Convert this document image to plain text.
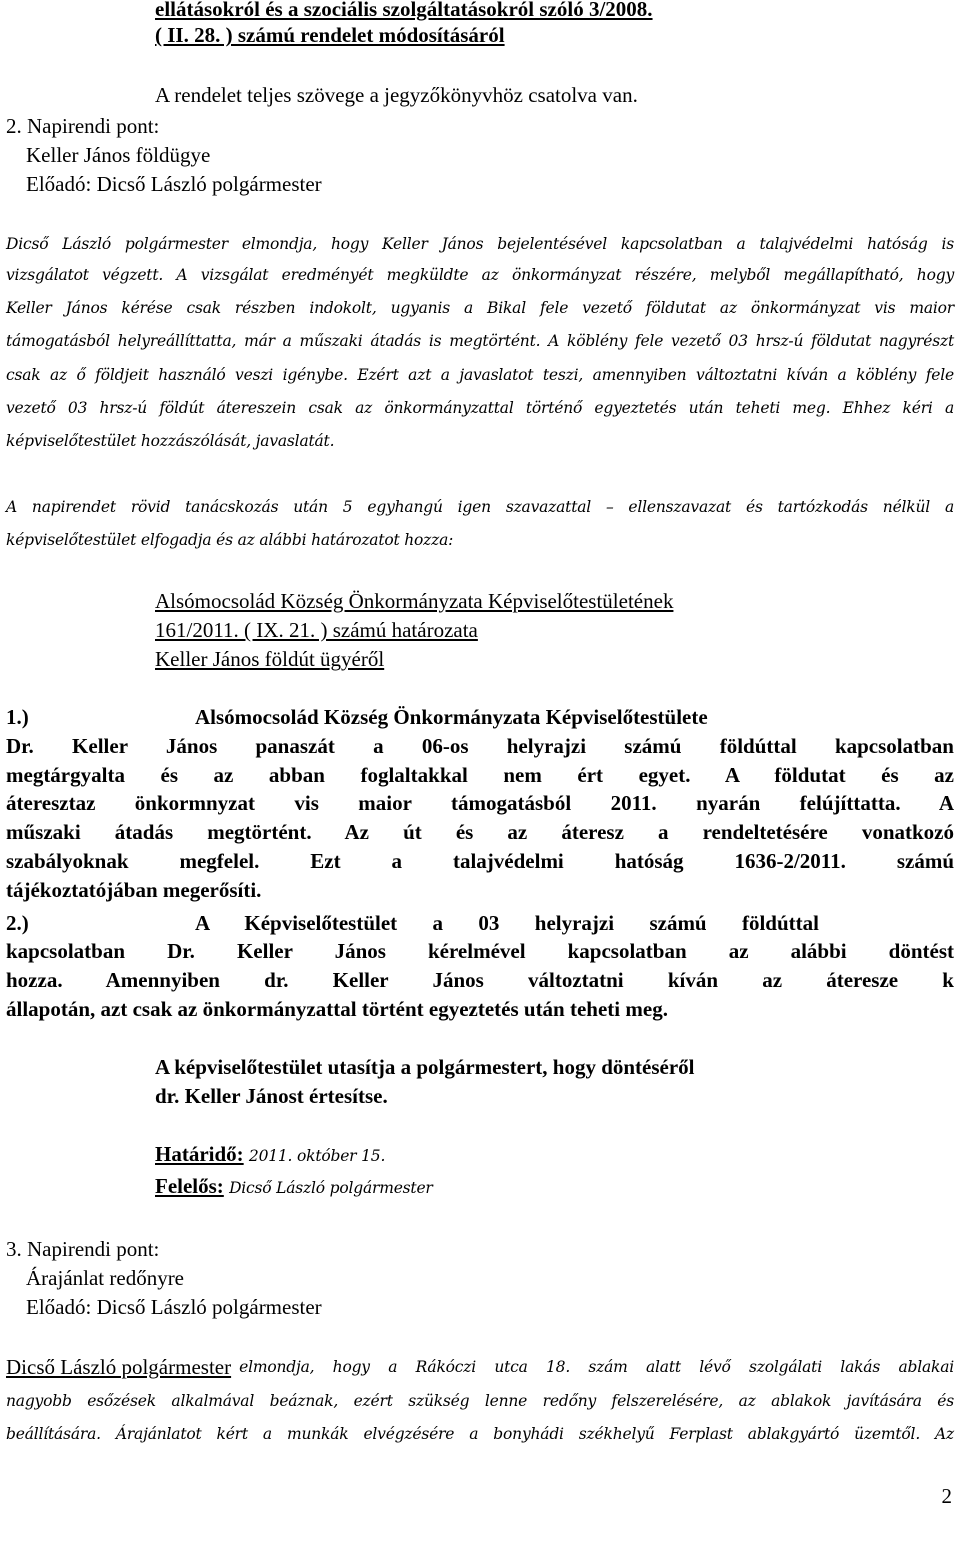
ellátásokról és a szociális szolgáltatásokról szóló 3/2008.
( II. 28. ) számú rendelet módosításáról
A rendelet teljes szövege a jegyzőkönyvhöz csatolva van.
2. Napirendi pont:
Keller János földügye
Előadó: Dicső László polgármester
Dicső László polgármester elmondja, hogy Keller János bejelentésével kapcsolatban a talajvédelmi hatóság is
vizsgálatot végzett. A vizsgálat eredményét megküldte az önkormányzat részére, melyből megállapítható, hogy
Keller János kérése csak részben indokolt, ugyanis a Bikal fele vezető földutat az önkormányzat vis maior
támogatásból helyreállíttatta, már a műszaki átadás is megtörtént. A köblény fele vezető 03 hrsz-ú földutat nagyrészt
csak az ő földjeit használó veszi igénybe. Ezért azt a javaslatot teszi, amennyiben változtatni kíván a köblény fele
vezető 03 hrsz-ú földút átereszein csak az önkormányzattal történő egyeztetés után teheti meg. Ehhez kéri a
képviselőtestület hozzászólását, javaslatát.
A napirendet rövid tanácskozás után 5 egyhangú igen szavazattal – ellenszavazat és tartózkodás nélkül a
képviselőtestület elfogadja és az alábbi határozatot hozza:
Alsómocsolád Község Önkormányzata Képviselőtestületének
161/2011. ( IX. 21. ) számú határozata
Keller János földút ügyéről
1.)	Alsómocsolád Község Önkormányzata Képviselőtestülete
Dr. Keller János panaszát a 06-os helyrajzi számú földúttal kapcsolatban
megtárgyalta és az abban foglaltakkal nem ért egyet. A földutat és az
áteresztaz önkormnyzat vis maior támogatásból 2011. nyarán felújíttatta. A
műszaki átadás megtörtént. Az út és az áteresz a rendeltetésére vonatkozó
szabályoknak megfelel. Ezt a talajvédelmi hatóság 1636-2/2011. számú
tájékoztatójában megerősíti.
2.)	A Képviselőtestület a 03 helyrajzi számú földúttal
kapcsolatban Dr. Keller János kérelmével kapcsolatban az alábbi döntést
hozza. Amennyiben dr. Keller János változtatni kíván az áteresze k
állapotán, azt csak az önkormányzattal történt egyeztetés után teheti meg.
A képviselőtestület utasítja a polgármestert, hogy döntéséről
dr. Keller Jánost értesítse.
Határidő: 2011. október 15.
Felelős: Dicső László polgármester
3. Napirendi pont:
Árajánlat redőnyre
Előadó: Dicső László polgármester
Dicső László polgármester elmondja, hogy a Rákóczi utca 18. szám alatt lévő szolgálati lakás ablakai
nagyobb esőzések alkalmával beáznak, ezért szükség lenne redőny felszerelésére, az ablakok javítására és
beállítására. Árajánlatot kért a munkák elvégzésére a bonyhádi székhelyű Ferplast ablakgyártó üzemtől. Az
2
